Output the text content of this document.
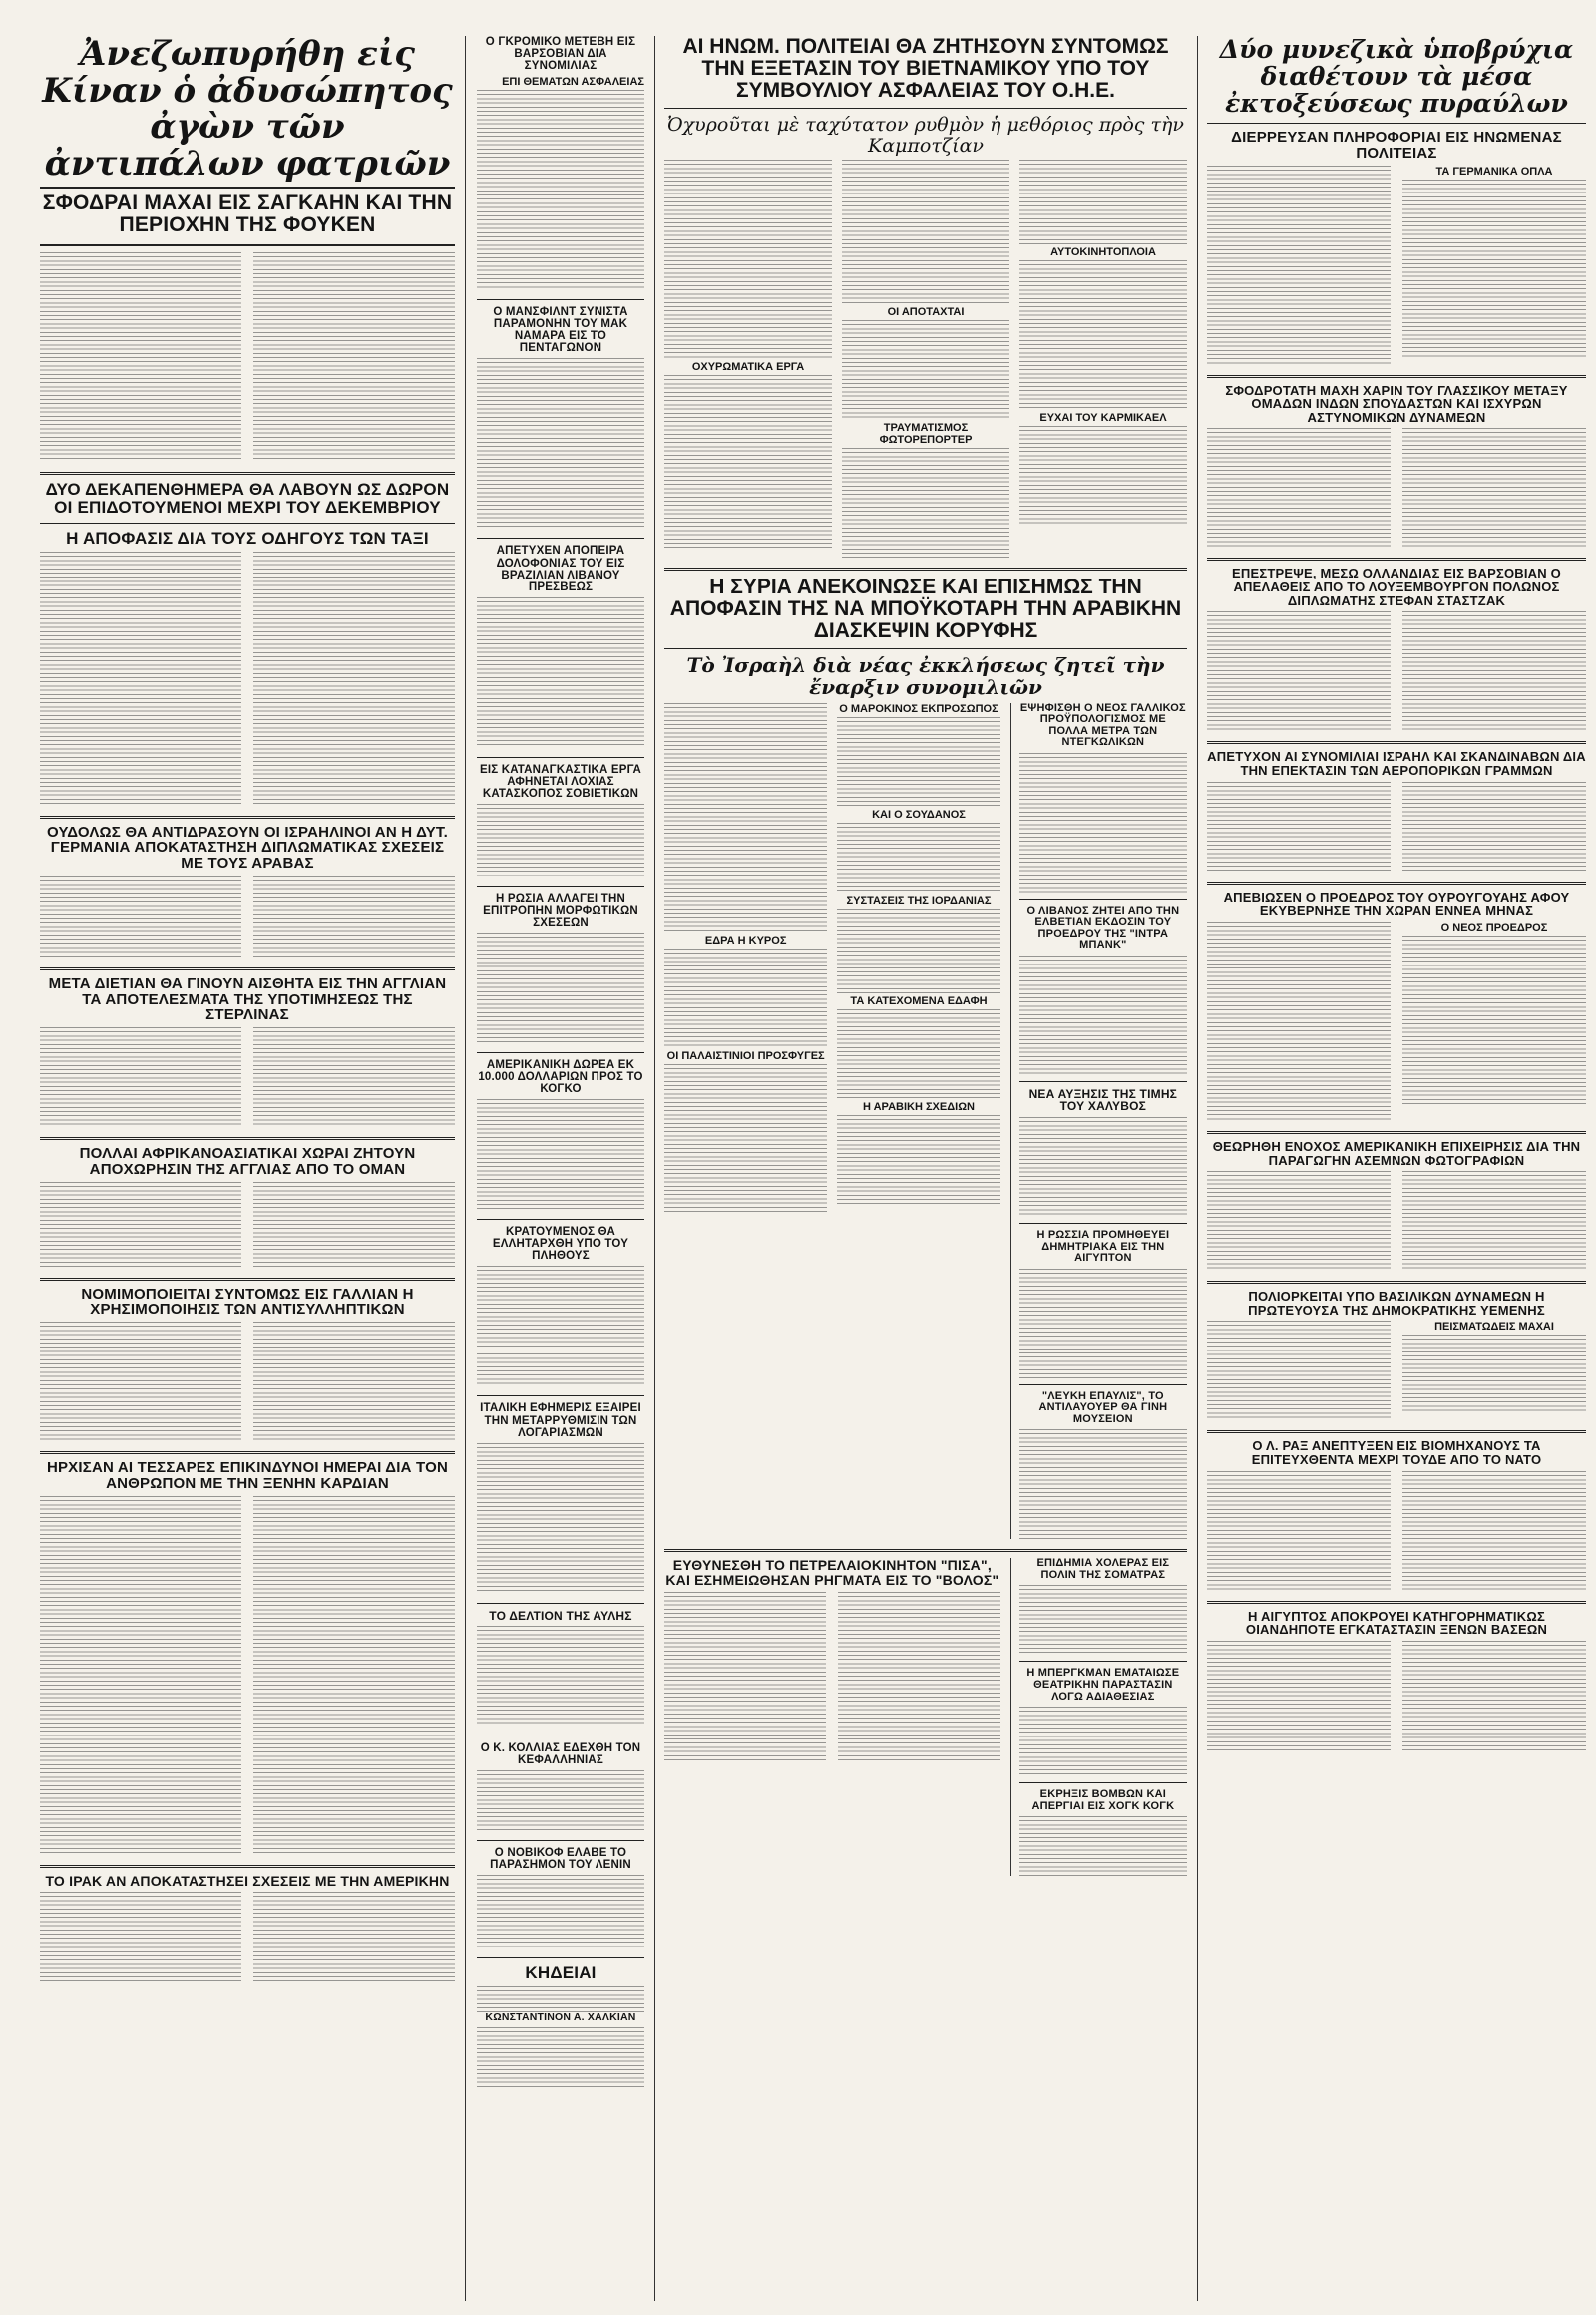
Ἀνεζωπυρήθη εἰς Κίναν ὁ ἀδυσώπητος ἀγὼν τῶν ἀντιπάλων φατριῶν
ΣΦΟΔΡΑΙ ΜΑΧΑΙ ΕΙΣ ΣΑΓΚΑΗΝ ΚΑΙ ΤΗΝ ΠΕΡΙΟΧΗΝ ΤΗΣ ΦΟΥΚΕΝ

ΔΥΟ ΔΕΚΑΠΕΝΘΗΜΕΡΑ ΘΑ ΛΑΒΟΥΝ ΩΣ ΔΩΡΟΝ ΟΙ ΕΠΙΔΟΤΟΥΜΕΝΟΙ ΜΕΧΡΙ ΤΟΥ ΔΕΚΕΜΒΡΙΟΥ
Η ΑΠΟΦΑΣΙΣ ΔΙΑ ΤΟΥΣ ΟΔΗΓΟΥΣ ΤΩΝ ΤΑΞΙ

ΟΥΔΟΛΩΣ ΘΑ ΑΝΤΙΔΡΑΣΟΥΝ ΟΙ ΙΣΡΑΗΛΙΝΟΙ ΑΝ Η ΔΥΤ. ΓΕΡΜΑΝΙΑ ΑΠΟΚΑΤΑΣΤΗΣΗ ΔΙΠΛΩΜΑΤΙΚΑΣ ΣΧΕΣΕΙΣ ΜΕ ΤΟΥΣ ΑΡΑΒΑΣ

ΜΕΤΑ ΔΙΕΤΙΑΝ ΘΑ ΓΙΝΟΥΝ ΑΙΣΘΗΤΑ ΕΙΣ ΤΗΝ ΑΓΓΛΙΑΝ ΤΑ ΑΠΟΤΕΛΕΣΜΑΤΑ ΤΗΣ ΥΠΟΤΙΜΗΣΕΩΣ ΤΗΣ ΣΤΕΡΛΙΝΑΣ

ΠΟΛΛΑΙ ΑΦΡΙΚΑΝΟΑΣΙΑΤΙΚΑΙ ΧΩΡΑΙ ΖΗΤΟΥΝ ΑΠΟΧΩΡΗΣΙΝ ΤΗΣ ΑΓΓΛΙΑΣ ΑΠΟ ΤΟ ΟΜΑΝ

ΝΟΜΙΜΟΠΟΙΕΙΤΑΙ ΣΥΝΤΟΜΩΣ ΕΙΣ ΓΑΛΛΙΑΝ Η ΧΡΗΣΙΜΟΠΟΙΗΣΙΣ ΤΩΝ ΑΝΤΙΣΥΛΛΗΠΤΙΚΩΝ

ΗΡΧΙΣΑΝ ΑΙ ΤΕΣΣΑΡΕΣ ΕΠΙΚΙΝΔΥΝΟΙ ΗΜΕΡΑΙ ΔΙΑ ΤΟΝ ΑΝΘΡΩΠΟΝ ΜΕ ΤΗΝ ΞΕΝΗΝ ΚΑΡΔΙΑΝ

ΤΟ ΙΡΑΚ ΑΝ ΑΠΟΚΑΤΑΣΤΗΣΕΙ ΣΧΕΣΕΙΣ ΜΕ ΤΗΝ ΑΜΕΡΙΚΗΝ

Ο ΓΚΡΟΜΙΚΟ ΜΕΤΕΒΗ ΕΙΣ ΒΑΡΣΟΒΙΑΝ ΔΙΑ ΣΥΝΟΜΙΛΙΑΣ
ΕΠΙ ΘΕΜΑΤΩΝ ΑΣΦΑΛΕΙΑΣ

Ο ΜΑΝΣΦΙΛΝΤ ΣΥΝΙΣΤΑ ΠΑΡΑΜΟΝΗΝ ΤΟΥ ΜΑΚ ΝΑΜΑΡΑ ΕΙΣ ΤΟ ΠΕΝΤΑΓΩΝΟΝ

ΑΠΕΤΥΧΕΝ ΑΠΟΠΕΙΡΑ ΔΟΛΟΦΟΝΙΑΣ ΤΟΥ ΕΙΣ ΒΡΑΖΙΛΙΑΝ ΛΙΒΑΝΟΥ ΠΡΕΣΒΕΩΣ

ΕΙΣ ΚΑΤΑΝΑΓΚΑΣΤΙΚΑ ΕΡΓΑ ΑΦΗΝΕΤΑΙ ΛΟΧΙΑΣ ΚΑΤΑΣΚΟΠΟΣ ΣΟΒΙΕΤΙΚΩΝ

Η ΡΩΣΙΑ ΑΛΛΑΓΕΙ ΤΗΝ ΕΠΙΤΡΟΠΗΝ ΜΟΡΦΩΤΙΚΩΝ ΣΧΕΣΕΩΝ

ΑΜΕΡΙΚΑΝΙΚΗ ΔΩΡΕΑ ΕΚ 10.000 ΔΟΛΛΑΡΙΩΝ ΠΡΟΣ ΤΟ ΚΟΓΚΟ

ΚΡΑΤΟΥΜΕΝΟΣ ΘΑ ΕΛΛΗΤΑΡΧΘΗ ΥΠΟ ΤΟΥ ΠΛΗΘΟΥΣ

ΙΤΑΛΙΚΗ ΕΦΗΜΕΡΙΣ ΕΞΑΙΡΕΙ ΤΗΝ ΜΕΤΑΡΡΥΘΜΙΣΙΝ ΤΩΝ ΛΟΓΑΡΙΑΣΜΩΝ

ΤΟ ΔΕΛΤΙΟΝ ΤΗΣ ΑΥΛΗΣ

Ο Κ. ΚΟΛΛΙΑΣ ΕΔΕΧΘΗ ΤΟΝ ΚΕΦΑΛΛΗΝΙΑΣ

Ο ΝΟΒΙΚΟΦ ΕΛΑΒΕ ΤΟ ΠΑΡΑΣΗΜΟΝ ΤΟΥ ΛΕΝΙΝ

ΚΗΔΕΙΑΙ

ΚΩΝΣΤΑΝΤΙΝΟΝ Α. ΧΑΛΚΙΑΝ

ΑΙ ΗΝΩΜ. ΠΟΛΙΤΕΙΑΙ ΘΑ ΖΗΤΗΣΟΥΝ ΣΥΝΤΟΜΩΣ ΤΗΝ ΕΞΕΤΑΣΙΝ ΤΟΥ ΒΙΕΤΝΑΜΙΚΟΥ ΥΠΟ ΤΟΥ ΣΥΜΒΟΥΛΙΟΥ ΑΣΦΑΛΕΙΑΣ ΤΟΥ Ο.Η.Ε.
Ὀχυροῦται μὲ ταχύτατον ρυθμὸν ἡ μεθόριος πρὸς τὴν Καμποτζίαν

ΟΧΥΡΩΜΑΤΙΚΑ ΕΡΓΑ

ΟΙ ΑΠΟΤΑΧΤΑΙ

ΤΡΑΥΜΑΤΙΣΜΟΣ ΦΩΤΟΡΕΠΟΡΤΕΡ

ΑΥΤΟΚΙΝΗΤΟΠΛΟΙΑ

ΕΥΧΑΙ ΤΟΥ ΚΑΡΜΙΚΑΕΛ

Η ΣΥΡΙΑ ΑΝΕΚΟΙΝΩΣΕ ΚΑΙ ΕΠΙΣΗΜΩΣ ΤΗΝ ΑΠΟΦΑΣΙΝ ΤΗΣ ΝΑ ΜΠΟΫΚΟΤΑΡΗ ΤΗΝ ΑΡΑΒΙΚΗΝ ΔΙΑΣΚΕΨΙΝ ΚΟΡΥΦΗΣ
Τὸ Ἰσραὴλ διὰ νέας ἐκκλήσεως ζητεῖ τὴν ἔναρξιν συνομιλιῶν

ΕΔΡΑ Η ΚΥΡΟΣ

ΟΙ ΠΑΛΑΙΣΤΙΝΙΟΙ ΠΡΟΣΦΥΓΕΣ

Ο ΜΑΡΟΚΙΝΟΣ ΕΚΠΡΟΣΩΠΟΣ

ΚΑΙ Ο ΣΟΥΔΑΝΟΣ

ΣΥΣΤΑΣΕΙΣ ΤΗΣ ΙΟΡΔΑΝΙΑΣ

ΤΑ ΚΑΤΕΧΟΜΕΝΑ ΕΔΑΦΗ

Η ΑΡΑΒΙΚΗ ΣΧΕΔΙΩΝ

ΕΨΗΦΙΣΘΗ Ο ΝΕΟΣ ΓΑΛΛΙΚΟΣ ΠΡΟΫΠΟΛΟΓΙΣΜΟΣ ΜΕ ΠΟΛΛΑ ΜΕΤΡΑ ΤΩΝ ΝΤΕΓΚΩΛΙΚΩΝ

Ο ΛΙΒΑΝΟΣ ΖΗΤΕΙ ΑΠΟ ΤΗΝ ΕΛΒΕΤΙΑΝ ΕΚΔΟΣΙΝ ΤΟΥ ΠΡΟΕΔΡΟΥ ΤΗΣ "ΙΝΤΡΑ ΜΠΑΝΚ"

ΝΕΑ ΑΥΞΗΣΙΣ ΤΗΣ ΤΙΜΗΣ ΤΟΥ ΧΑΛΥΒΟΣ

Η ΡΩΣΣΙΑ ΠΡΟΜΗΘΕΥΕΙ ΔΗΜΗΤΡΙΑΚΑ ΕΙΣ ΤΗΝ ΑΙΓΥΠΤΟΝ

"ΛΕΥΚΗ ΕΠΑΥΛΙΣ", ΤΟ ΑΝΤΙΛΑΥΟΥΕΡ ΘΑ ΓΙΝΗ ΜΟΥΣΕΙΟΝ

ΕΥΘΥΝΕΣΘΗ ΤΟ ΠΕΤΡΕΛΑΙΟΚΙΝΗΤΟΝ "ΠΙΣΑ", ΚΑΙ ΕΣΗΜΕΙΩΘΗΣΑΝ ΡΗΓΜΑΤΑ ΕΙΣ ΤΟ "ΒΟΛΟΣ"

ΕΠΙΔΗΜΙΑ ΧΟΛΕΡΑΣ ΕΙΣ ΠΟΛΙΝ ΤΗΣ ΣΟΜΑΤΡΑΣ

Η ΜΠΕΡΓΚΜΑΝ ΕΜΑΤΑΙΩΣΕ ΘΕΑΤΡΙΚΗΝ ΠΑΡΑΣΤΑΣΙΝ ΛΟΓΩ ΑΔΙΑΘΕΣΙΑΣ

ΕΚΡΗΞΙΣ ΒΟΜΒΩΝ ΚΑΙ ΑΠΕΡΓΙΑΙ ΕΙΣ ΧΟΓΚ ΚΟΓΚ

Δύο μυνεζικὰ ὑποβρύχια διαθέτουν τὰ μέσα ἐκτοξεύσεως πυραύλων
ΔΙΕΡΡΕΥΣΑΝ ΠΛΗΡΟΦΟΡΙΑΙ ΕΙΣ ΗΝΩΜΕΝΑΣ ΠΟΛΙΤΕΙΑΣ

ΤΑ ΓΕΡΜΑΝΙΚΑ ΟΠΛΑ

ΣΦΟΔΡΟΤΑΤΗ ΜΑΧΗ ΧΑΡΙΝ ΤΟΥ ΓΛΑΣΣΙΚΟΥ ΜΕΤΑΞΥ ΟΜΑΔΩΝ ΙΝΔΩΝ ΣΠΟΥΔΑΣΤΩΝ ΚΑΙ ΙΣΧΥΡΩΝ ΑΣΤΥΝΟΜΙΚΩΝ ΔΥΝΑΜΕΩΝ

ΕΠΕΣΤΡΕΨΕ, ΜΕΣΩ ΟΛΛΑΝΔΙΑΣ ΕΙΣ ΒΑΡΣΟΒΙΑΝ Ο ΑΠΕΛΑΘΕΙΣ ΑΠΟ ΤΟ ΛΟΥΞΕΜΒΟΥΡΓΟΝ ΠΟΛΩΝΟΣ ΔΙΠΛΩΜΑΤΗΣ ΣΤΕΦΑΝ ΣΤΑΣΤΖΑΚ

ΑΠΕΤΥΧΟΝ ΑΙ ΣΥΝΟΜΙΛΙΑΙ ΙΣΡΑΗΛ ΚΑΙ ΣΚΑΝΔΙΝΑΒΩΝ ΔΙΑ ΤΗΝ ΕΠΕΚΤΑΣΙΝ ΤΩΝ ΑΕΡΟΠΟΡΙΚΩΝ ΓΡΑΜΜΩΝ

ΑΠΕΒΙΩΣΕΝ Ο ΠΡΟΕΔΡΟΣ ΤΟΥ ΟΥΡΟΥΓΟΥΑΗΣ ΑΦΟΥ ΕΚΥΒΕΡΝΗΣΕ ΤΗΝ ΧΩΡΑΝ ΕΝΝΕΑ ΜΗΝΑΣ

Ο ΝΕΟΣ ΠΡΟΕΔΡΟΣ

ΘΕΩΡΗΘΗ ΕΝΟΧΟΣ ΑΜΕΡΙΚΑΝΙΚΗ ΕΠΙΧΕΙΡΗΣΙΣ ΔΙΑ ΤΗΝ ΠΑΡΑΓΩΓΗΝ ΑΣΕΜΝΩΝ ΦΩΤΟΓΡΑΦΙΩΝ

ΠΟΛΙΟΡΚΕΙΤΑΙ ΥΠΟ ΒΑΣΙΛΙΚΩΝ ΔΥΝΑΜΕΩΝ Η ΠΡΩΤΕΥΟΥΣΑ ΤΗΣ ΔΗΜΟΚΡΑΤΙΚΗΣ ΥΕΜΕΝΗΣ

ΠΕΙΣΜΑΤΩΔΕΙΣ ΜΑΧΑΙ

Ο Λ. ΡΑΞ ΑΝΕΠΤΥΞΕΝ ΕΙΣ ΒΙΟΜΗΧΑΝΟΥΣ ΤΑ ΕΠΙΤΕΥΧΘΕΝΤΑ ΜΕΧΡΙ ΤΟΥΔΕ ΑΠΟ ΤΟ ΝΑΤΟ

Η ΑΙΓΥΠΤΟΣ ΑΠΟΚΡΟΥΕΙ ΚΑΤΗΓΟΡΗΜΑΤΙΚΩΣ ΟΙΑΝΔΗΠΟΤΕ ΕΓΚΑΤΑΣΤΑΣΙΝ ΞΕΝΩΝ ΒΑΣΕΩΝ
